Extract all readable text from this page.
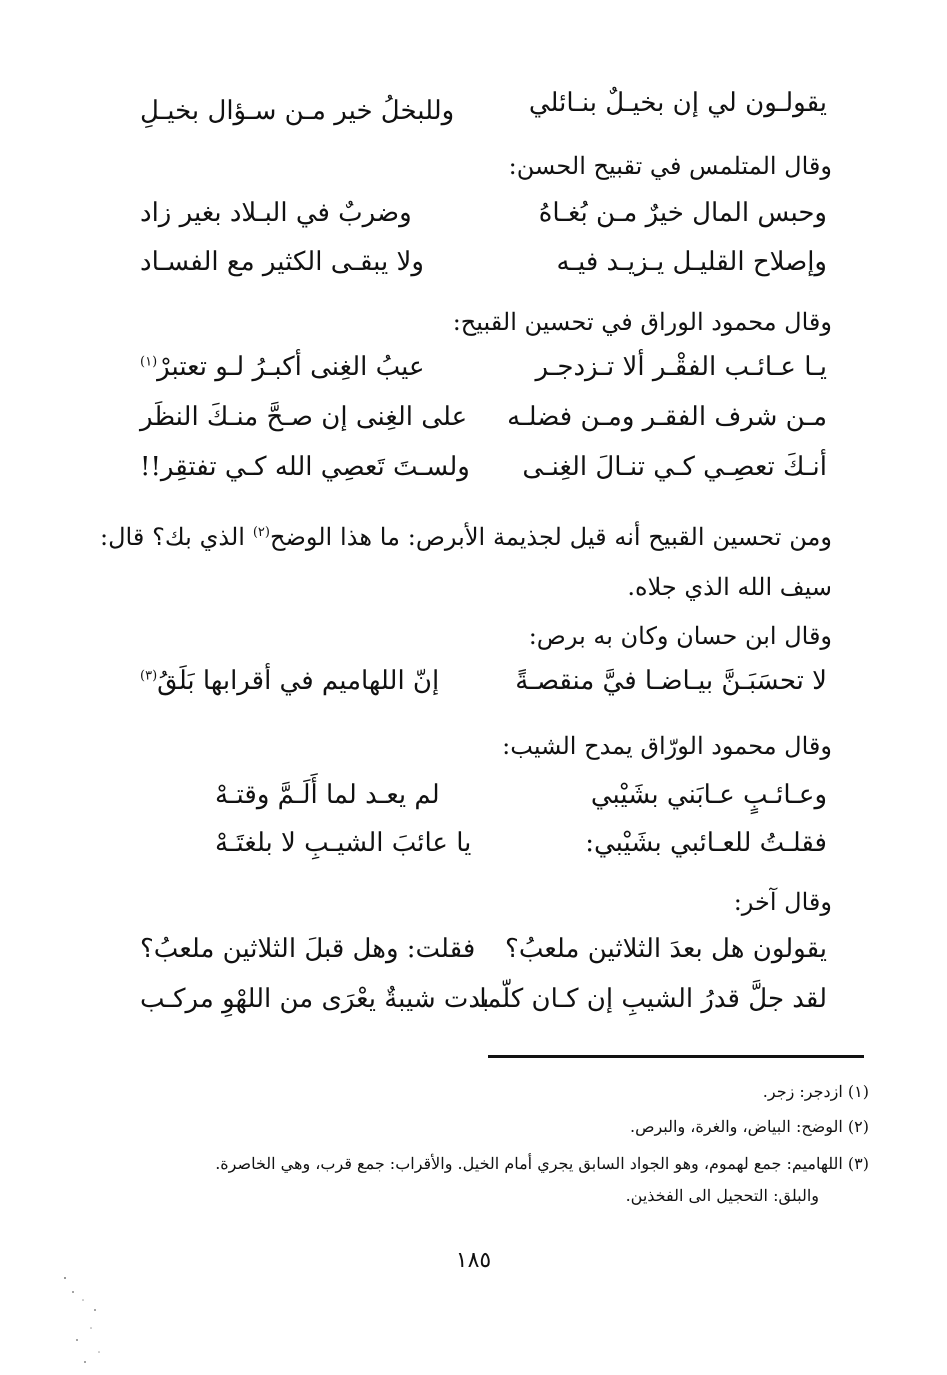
يقولـون لي إن بخيـلٌ بنـائلي
وللبخلُ خير مـن سـؤال بخيـلِ
وقال المتلمس في تقبيح الحسن:
وحبس المال خيرٌ مـن بُغـاهُ
وضربٌ في البـلاد بغير زاد
وإصلاح القليـل يـزيـد فيـه
ولا يبقـى الكثير مع الفسـاد
وقال محمود الوراق في تحسين القبيح:
يـا عـائـب الفقْـر ألا تـزدجـر
عيبُ الغِنى أكبـرُ لـو تعتبرْ$^{(١)}$
مـن شرف الفقـر ومـن فضلـه
على الغِنى إن صـحَّ منـكَ النظَر
أنـكَ تعصِـي كـي تنـالَ الغِنـى
ولسـتَ تَعصِي الله كـي تفتقِر!!
ومن تحسين القبيح أنه قيل لجذيمة الأبرص: ما هذا الوضح$^{(٢)}$ الذي بك؟ قال: سيف الله الذي جلاه.
وقال ابن حسان وكان به برص:
لا تحسَبَـنَّ بيـاضـا فيَّ منقصـةً
إنّ اللهاميم في أقرابها بَلَقُ$^{(٣)}$
وقال محمود الورّاق يمدح الشيب:
وعـائـبٍ عـابَني بشَيْبي
لم يعـد لما أَلَـمَّ وقتـهْ
فقلـتُ للعـائبي بشَيْبي:
يا عائبَ الشيـبِ لا بلغتَـهْ
وقال آخر:
يقولون هل بعدَ الثلاثين ملعبُ؟
فقلت: وهل قبلَ الثلاثين ملعبُ؟
لقد جلَّ قدرُ الشيبِ إن كـان كلّما
بدت شيبةٌ يعْرَى من اللهْوِ مركـب
(١) ازدجر: زجر.
(٢) الوضح: البياض، والغرة، والبرص.
(٣) اللهاميم: جمع لهموم، وهو الجواد السابق يجري أمام الخيل. والأقراب: جمع قرب، وهي الخاصرة.
والبلق: التحجيل الى الفخذين.
١٨٥
